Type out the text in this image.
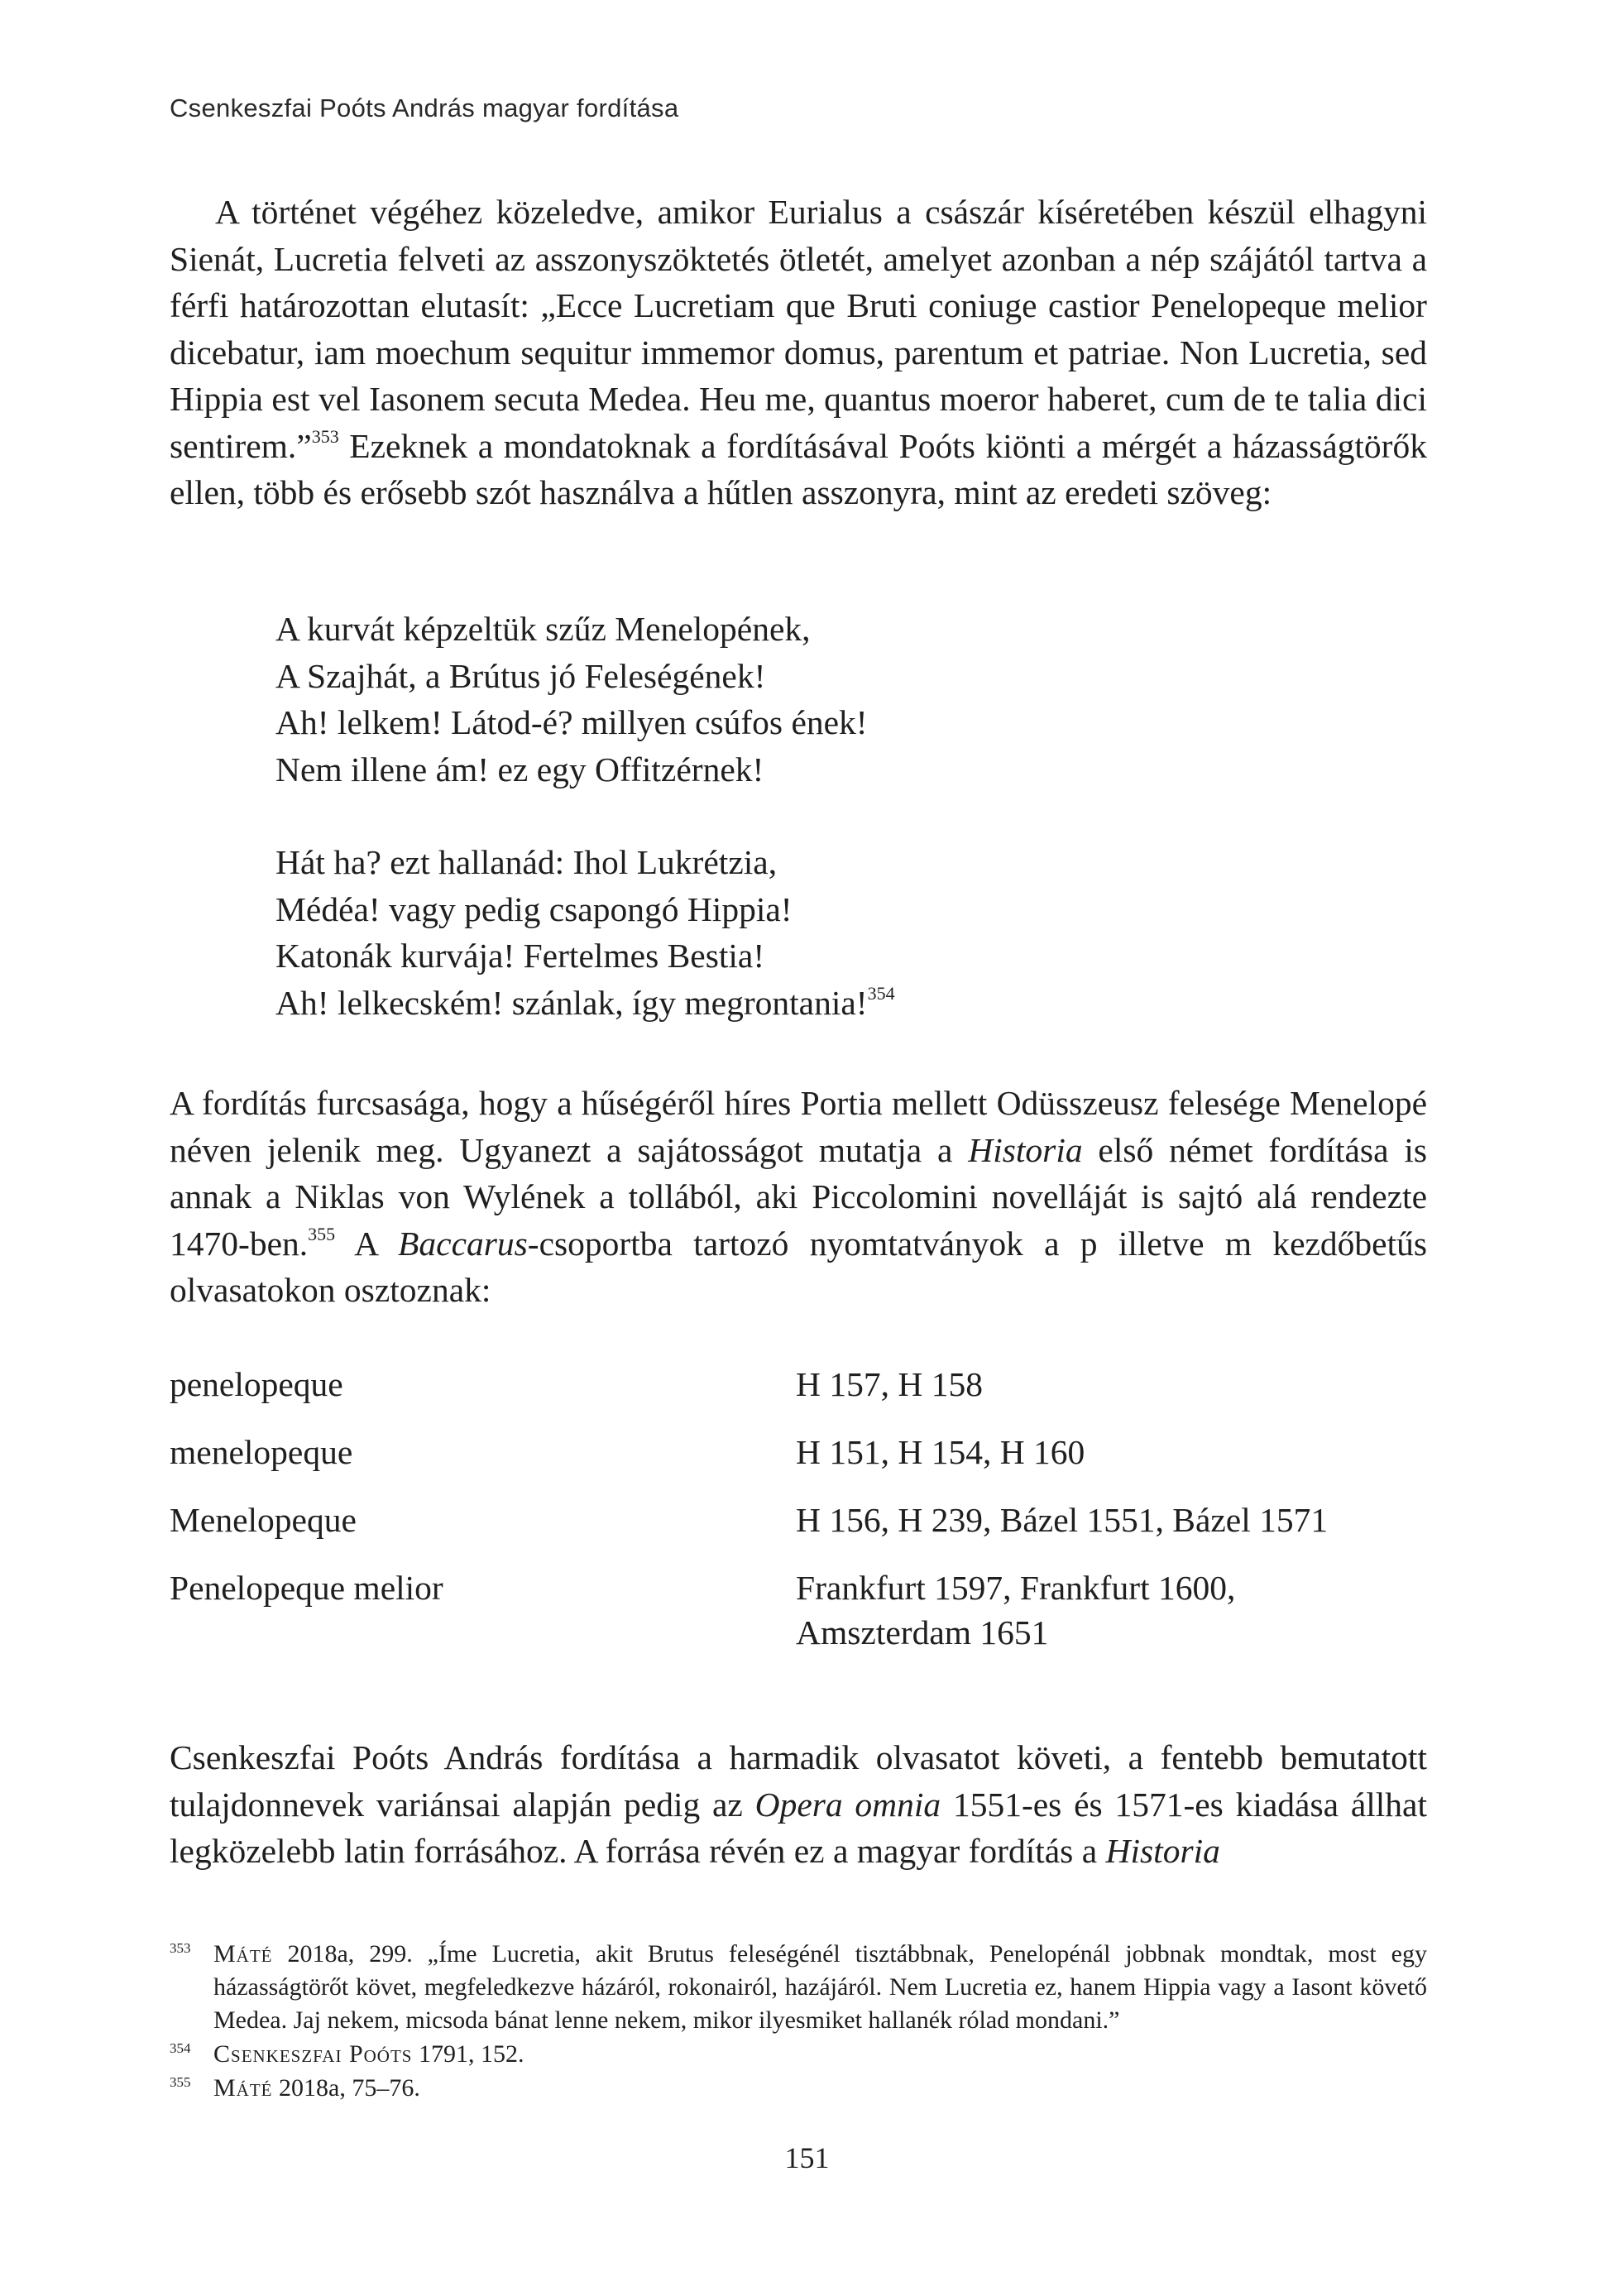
Csenkeszfai Poóts András magyar fordítása

A történet végéhez közeledve, amikor Eurialus a császár kíséretében készül elhagyni Sienát, Lucretia felveti az asszonyszöktetés ötletét, amelyet azonban a nép szájától tartva a férfi határozottan elutasít: „Ecce Lucretiam que Bruti coniuge castior Penelopeque melior dicebatur, iam moechum sequitur immemor domus, parentum et patriae. Non Lucretia, sed Hippia est vel Iasonem secuta Medea. Heu me, quantus moeror haberet, cum de te talia dici sentirem.”$^{353}$ Ezeknek a mondatoknak a fordításával Poóts kiönti a mérgét a házasságtörők ellen, több és erősebb szót használva a hűtlen asszonyra, mint az eredeti szöveg:

A kurvát képzeltük szűz Menelopének,
A Szajhát, a Brútus jó Feleségének!
Ah! lelkem! Látod-é? millyen csúfos ének!
Nem illene ám! ez egy Offitzérnek!
Hát ha? ezt hallanád: Ihol Lukrétzia,
Médéa! vagy pedig csapongó Hippia!
Katonák kurvája! Fertelmes Bestia!
Ah! lelkecském! szánlak, így megrontania!$^{354}$

A fordítás furcsasága, hogy a hűségéről híres Portia mellett Odüsszeusz felesége Menelopé néven jelenik meg. Ugyanezt a sajátosságot mutatja a Historia első német fordítása is annak a Niklas von Wylének a tollából, aki Piccolomini novelláját is sajtó alá rendezte 1470-ben.$^{355}$ A Baccarus-csoportba tartozó nyomtatványok a p illetve m kezdőbetűs olvasatokon osztoznak:

penelopeque	H 157, H 158
menelopeque	H 151, H 154, H 160
Menelopeque	H 156, H 239, Bázel 1551, Bázel 1571
Penelopeque melior	Frankfurt 1597, Frankfurt 1600, Amszterdam 1651

Csenkeszfai Poóts András fordítása a harmadik olvasatot követi, a fentebb bemutatott tulajdonnevek variánsai alapján pedig az Opera omnia 1551-es és 1571-es kiadása állhat legközelebb latin forrásához. A forrása révén ez a magyar fordítás a Historia

353 Máté 2018a, 299. „Íme Lucretia, akit Brutus feleségénél tisztábbnak, Penelopénál jobbnak mondtak, most egy házasságtörőt követ, megfeledkezve házáról, rokonairól, hazájáról. Nem Lucretia ez, hanem Hippia vagy a Iasont követő Medea. Jaj nekem, micsoda bánat lenne nekem, mikor ilyesmiket hallanék rólad mondani.”
354 Csenkeszfai Poóts 1791, 152.
355 Máté 2018a, 75–76.
151
